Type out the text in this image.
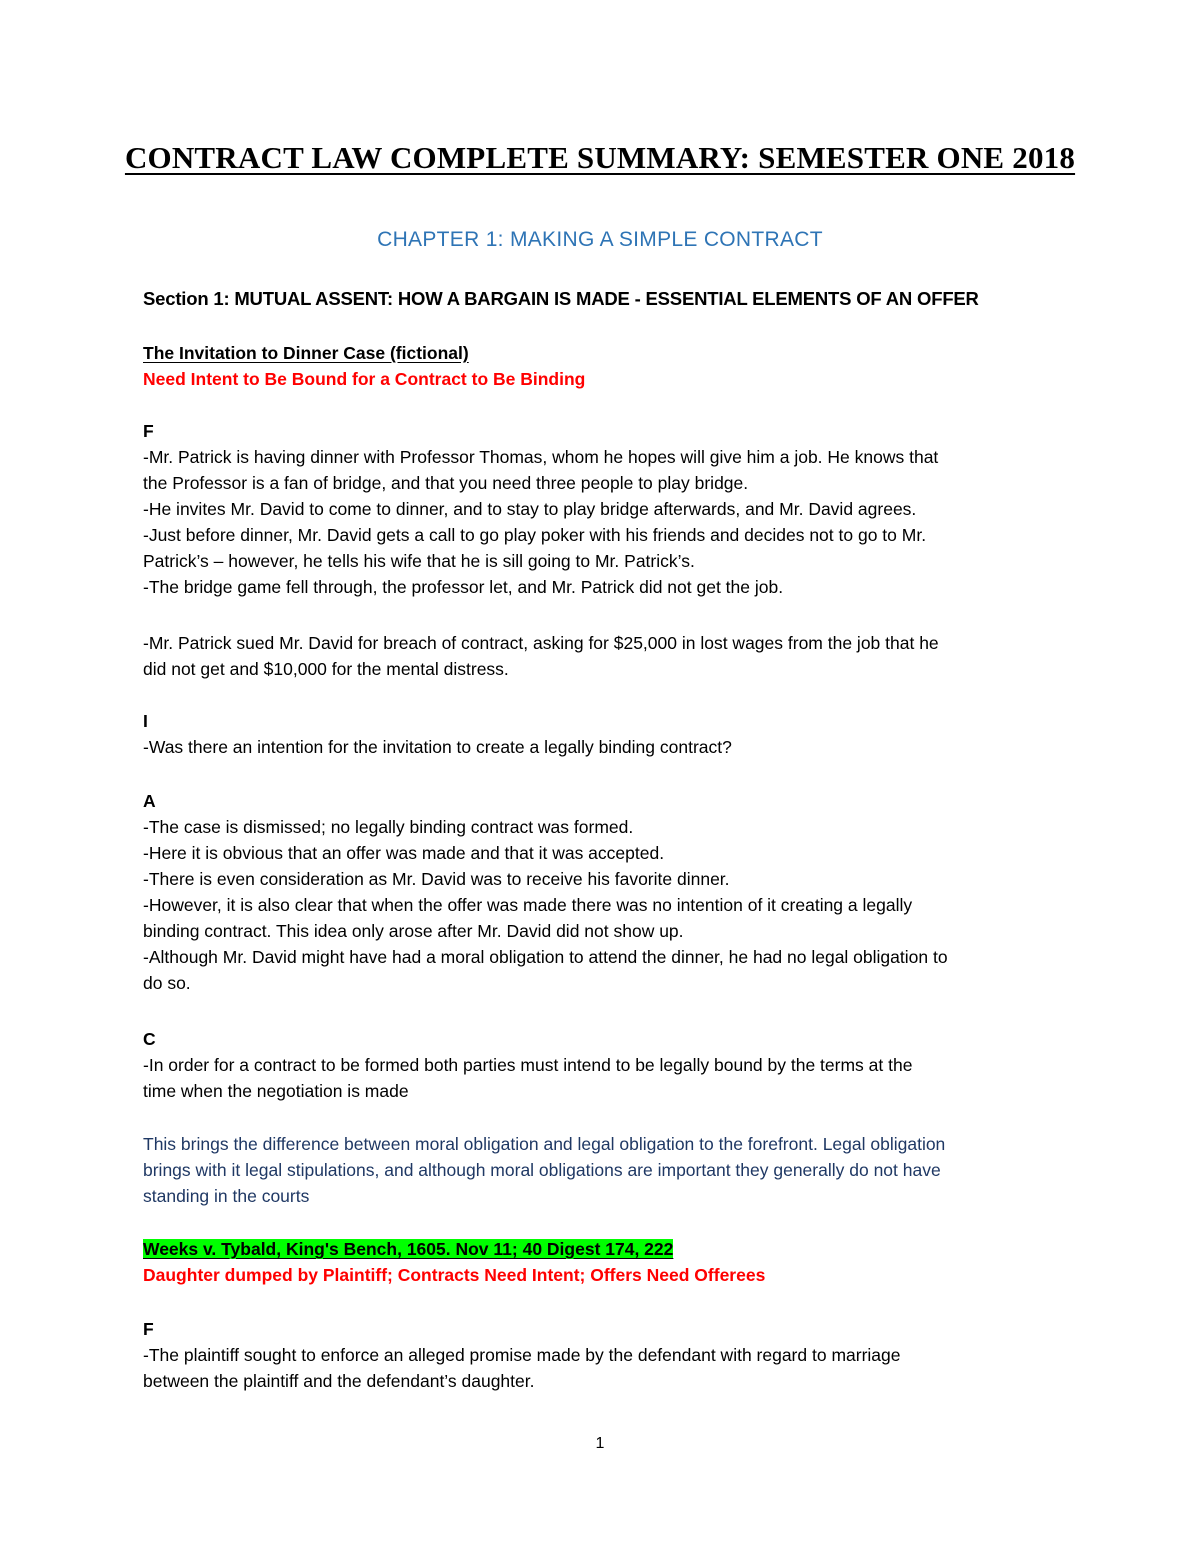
CONTRACT LAW COMPLETE SUMMARY: SEMESTER ONE 2018
CHAPTER 1: MAKING A SIMPLE CONTRACT
Section 1: MUTUAL ASSENT: HOW A BARGAIN IS MADE - ESSENTIAL ELEMENTS OF AN OFFER
The Invitation to Dinner Case (fictional)
Need Intent to Be Bound for a Contract to Be Binding
F
-Mr. Patrick is having dinner with Professor Thomas, whom he hopes will give him a job. He knows that
the Professor is a fan of bridge, and that you need three people to play bridge.
-He invites Mr. David to come to dinner, and to stay to play bridge afterwards, and Mr. David agrees.
-Just before dinner, Mr. David gets a call to go play poker with his friends and decides not to go to Mr.
Patrick’s – however, he tells his wife that he is sill going to Mr. Patrick’s.
-The bridge game fell through, the professor let, and Mr. Patrick did not get the job.
-Mr. Patrick sued Mr. David for breach of contract, asking for $25,000 in lost wages from the job that he
did not get and $10,000 for the mental distress.
I
-Was there an intention for the invitation to create a legally binding contract?
A
-The case is dismissed; no legally binding contract was formed.
-Here it is obvious that an offer was made and that it was accepted.
-There is even consideration as Mr. David was to receive his favorite dinner.
-However, it is also clear that when the offer was made there was no intention of it creating a legally
binding contract. This idea only arose after Mr. David did not show up.
-Although Mr. David might have had a moral obligation to attend the dinner, he had no legal obligation to
do so.
C
-In order for a contract to be formed both parties must intend to be legally bound by the terms at the
time when the negotiation is made
This brings the difference between moral obligation and legal obligation to the forefront. Legal obligation
brings with it legal stipulations, and although moral obligations are important they generally do not have
standing in the courts
Weeks v. Tybald, King's Bench, 1605. Nov 11; 40 Digest 174, 222
Daughter dumped by Plaintiff; Contracts Need Intent; Offers Need Offerees
F
-The plaintiff sought to enforce an alleged promise made by the defendant with regard to marriage
between the plaintiff and the defendant’s daughter.
1
